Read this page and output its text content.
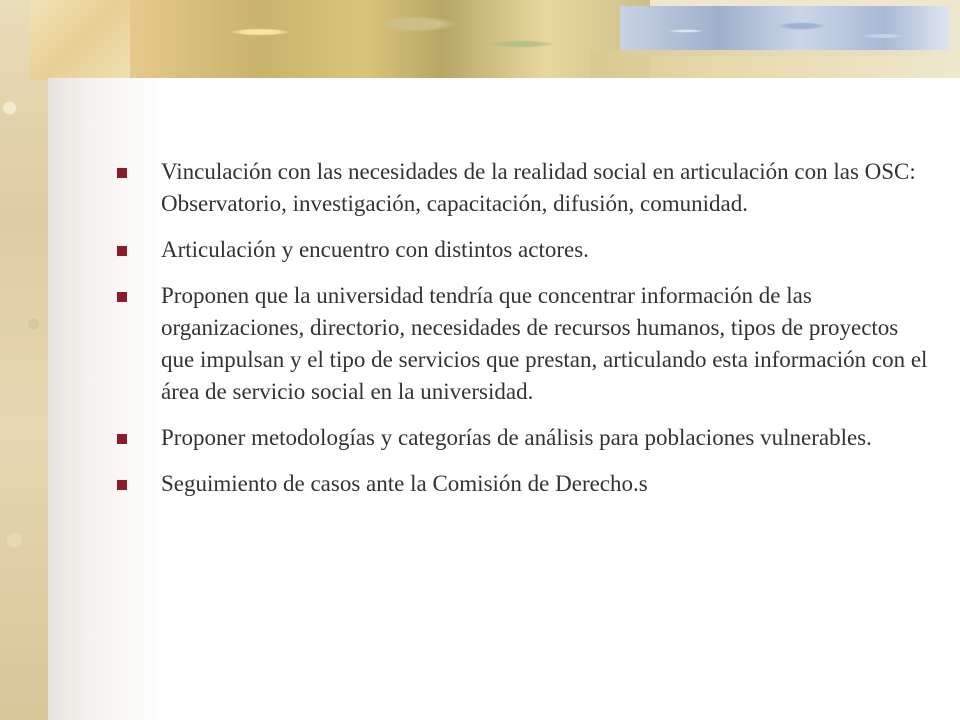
Vinculación con las necesidades de la realidad social en articulación con las OSC: Observatorio, investigación, capacitación, difusión, comunidad.
Articulación y encuentro con distintos actores.
Proponen que la universidad tendría que concentrar información de las organizaciones, directorio, necesidades de recursos humanos, tipos de proyectos que impulsan y el tipo de servicios que prestan, articulando esta información con el área de servicio social en la universidad.
Proponer metodologías y categorías de análisis para poblaciones vulnerables.
Seguimiento de casos ante la Comisión de Derecho.s
